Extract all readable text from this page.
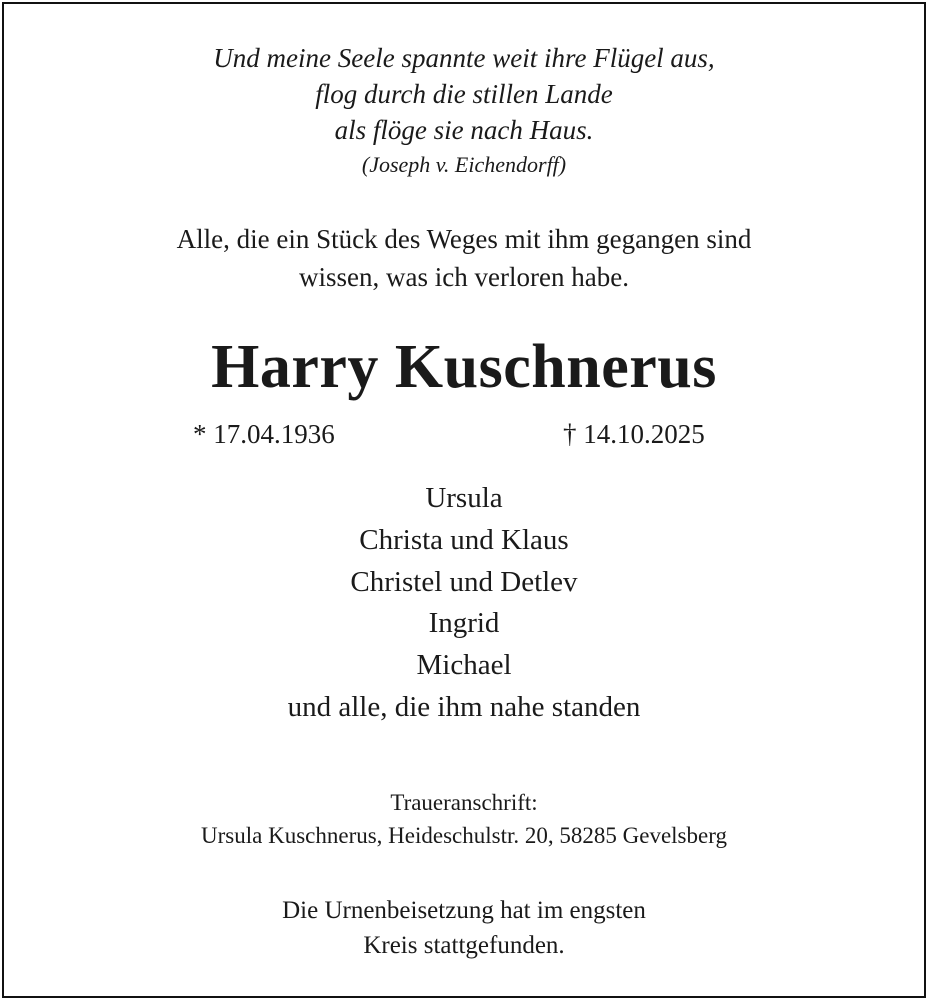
Und meine Seele spannte weit ihre Flügel aus,
flog durch die stillen Lande
als flöge sie nach Haus.
(Joseph v. Eichendorff)
Alle, die ein Stück des Weges mit ihm gegangen sind
wissen, was ich verloren habe.
Harry Kuschnerus
* 17.04.1936	† 14.10.2025
Ursula
Christa und Klaus
Christel und Detlev
Ingrid
Michael
und alle, die ihm nahe standen
Traueranschrift:
Ursula Kuschnerus, Heideschulstr. 20, 58285 Gevelsberg
Die Urnenbeisetzung hat im engsten
Kreis stattgefunden.
